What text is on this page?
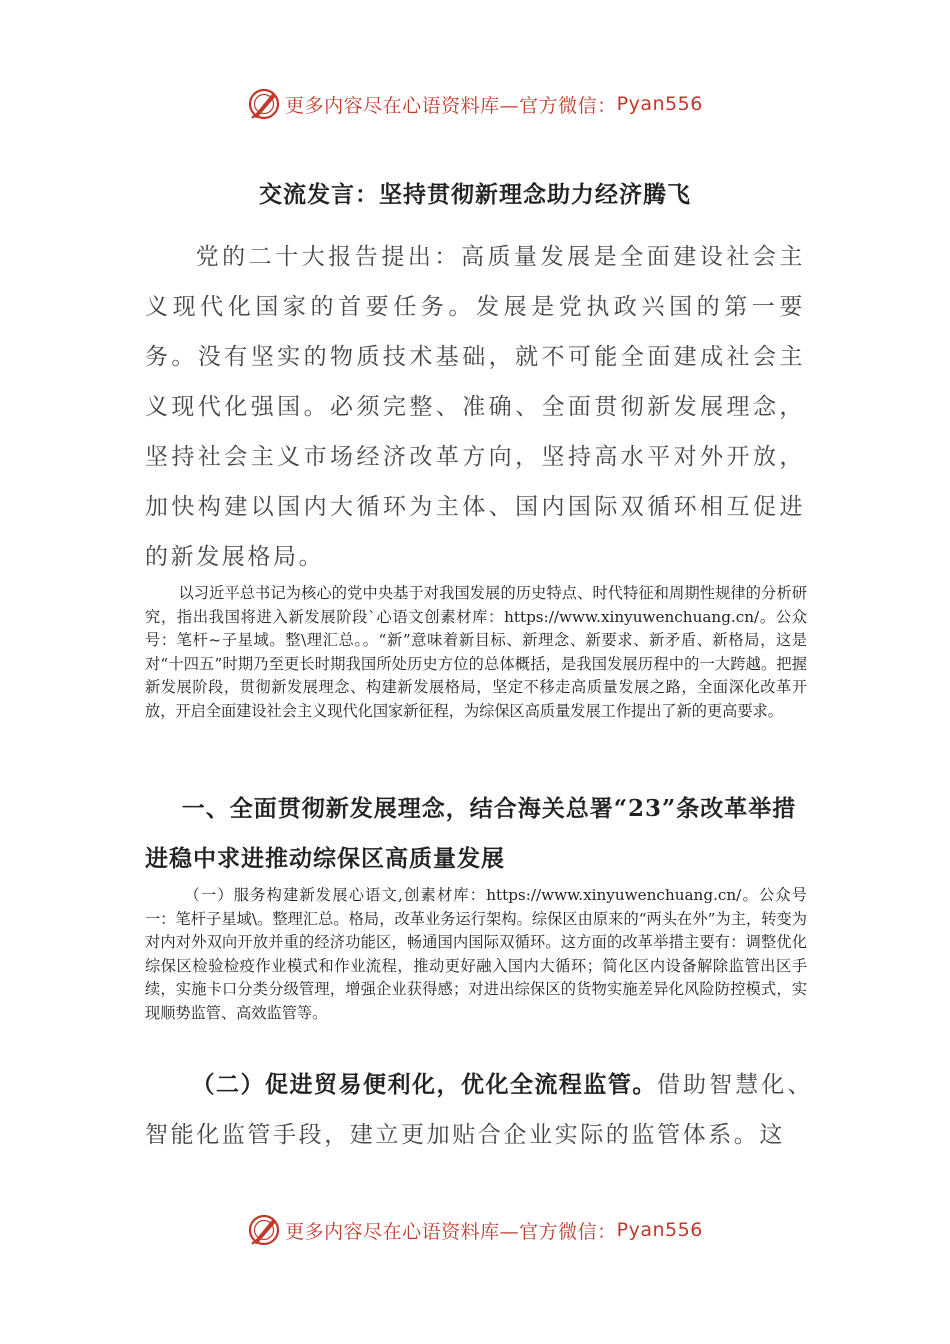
更多内容尽在心语资料库—官方微信： Pyan556
交流发言：坚持贯彻新理念助力经济腾飞
党的二十大报告提出：高质量发展是全面建设社会主义现代化国家的首要任务。发展是党执政兴国的第一要务。没有坚实的物质技术基础，就不可能全面建成社会主义现代化强国。必须完整、准确、全面贯彻新发展理念，坚持社会主义市场经济改革方向，坚持高水平对外开放，加快构建以国内大循环为主体、国内国际双循环相互促进的新发展格局。
以习近平总书记为核心的党中央基于对我国发展的历史特点、时代特征和周期性规律的分析研究，指出我国将进入新发展阶段`心语文创素材库：https://www.xinyuwenchuang.cn/。公众号：笔杆~子星域。整\理汇总。。“新”意味着新目标、新理念、新要求、新矛盾、新格局，这是对“十四五”时期乃至更长时期我国所处历史方位的总体概括，是我国发展历程中的一大跨越。把握新发展阶段，贯彻新发展理念、构建新发展格局，坚定不移走高质量发展之路，全面深化改革开放，开启全面建设社会主义现代化国家新征程，为综保区高质量发展工作提出了新的更高要求。
一、全面贯彻新发展理念，结合海关总署“23”条改革举措进稳中求进推动综保区高质量发展
（一）服务构建新发展心语文,创素材库：https://www.xinyuwenchuang.cn/。公众号一：笔杆子星域\。整理汇总。格局，改革业务运行架构。综保区由原来的“两头在外”为主，转变为对内对外双向开放并重的经济功能区，畅通国内国际双循环。这方面的改革举措主要有：调整优化综保区检验检疫作业模式和作业流程，推动更好融入国内大循环；简化区内设备解除监管出区手续，实施卡口分类分级管理，增强企业获得感；对进出综保区的货物实施差异化风险防控模式，实现顺势监管、高效监管等。
（二）促进贸易便利化，优化全流程监管。借助智慧化、智能化监管手段，建立更加贴合企业实际的监管体系。这
更多内容尽在心语资料库—官方微信： Pyan556
